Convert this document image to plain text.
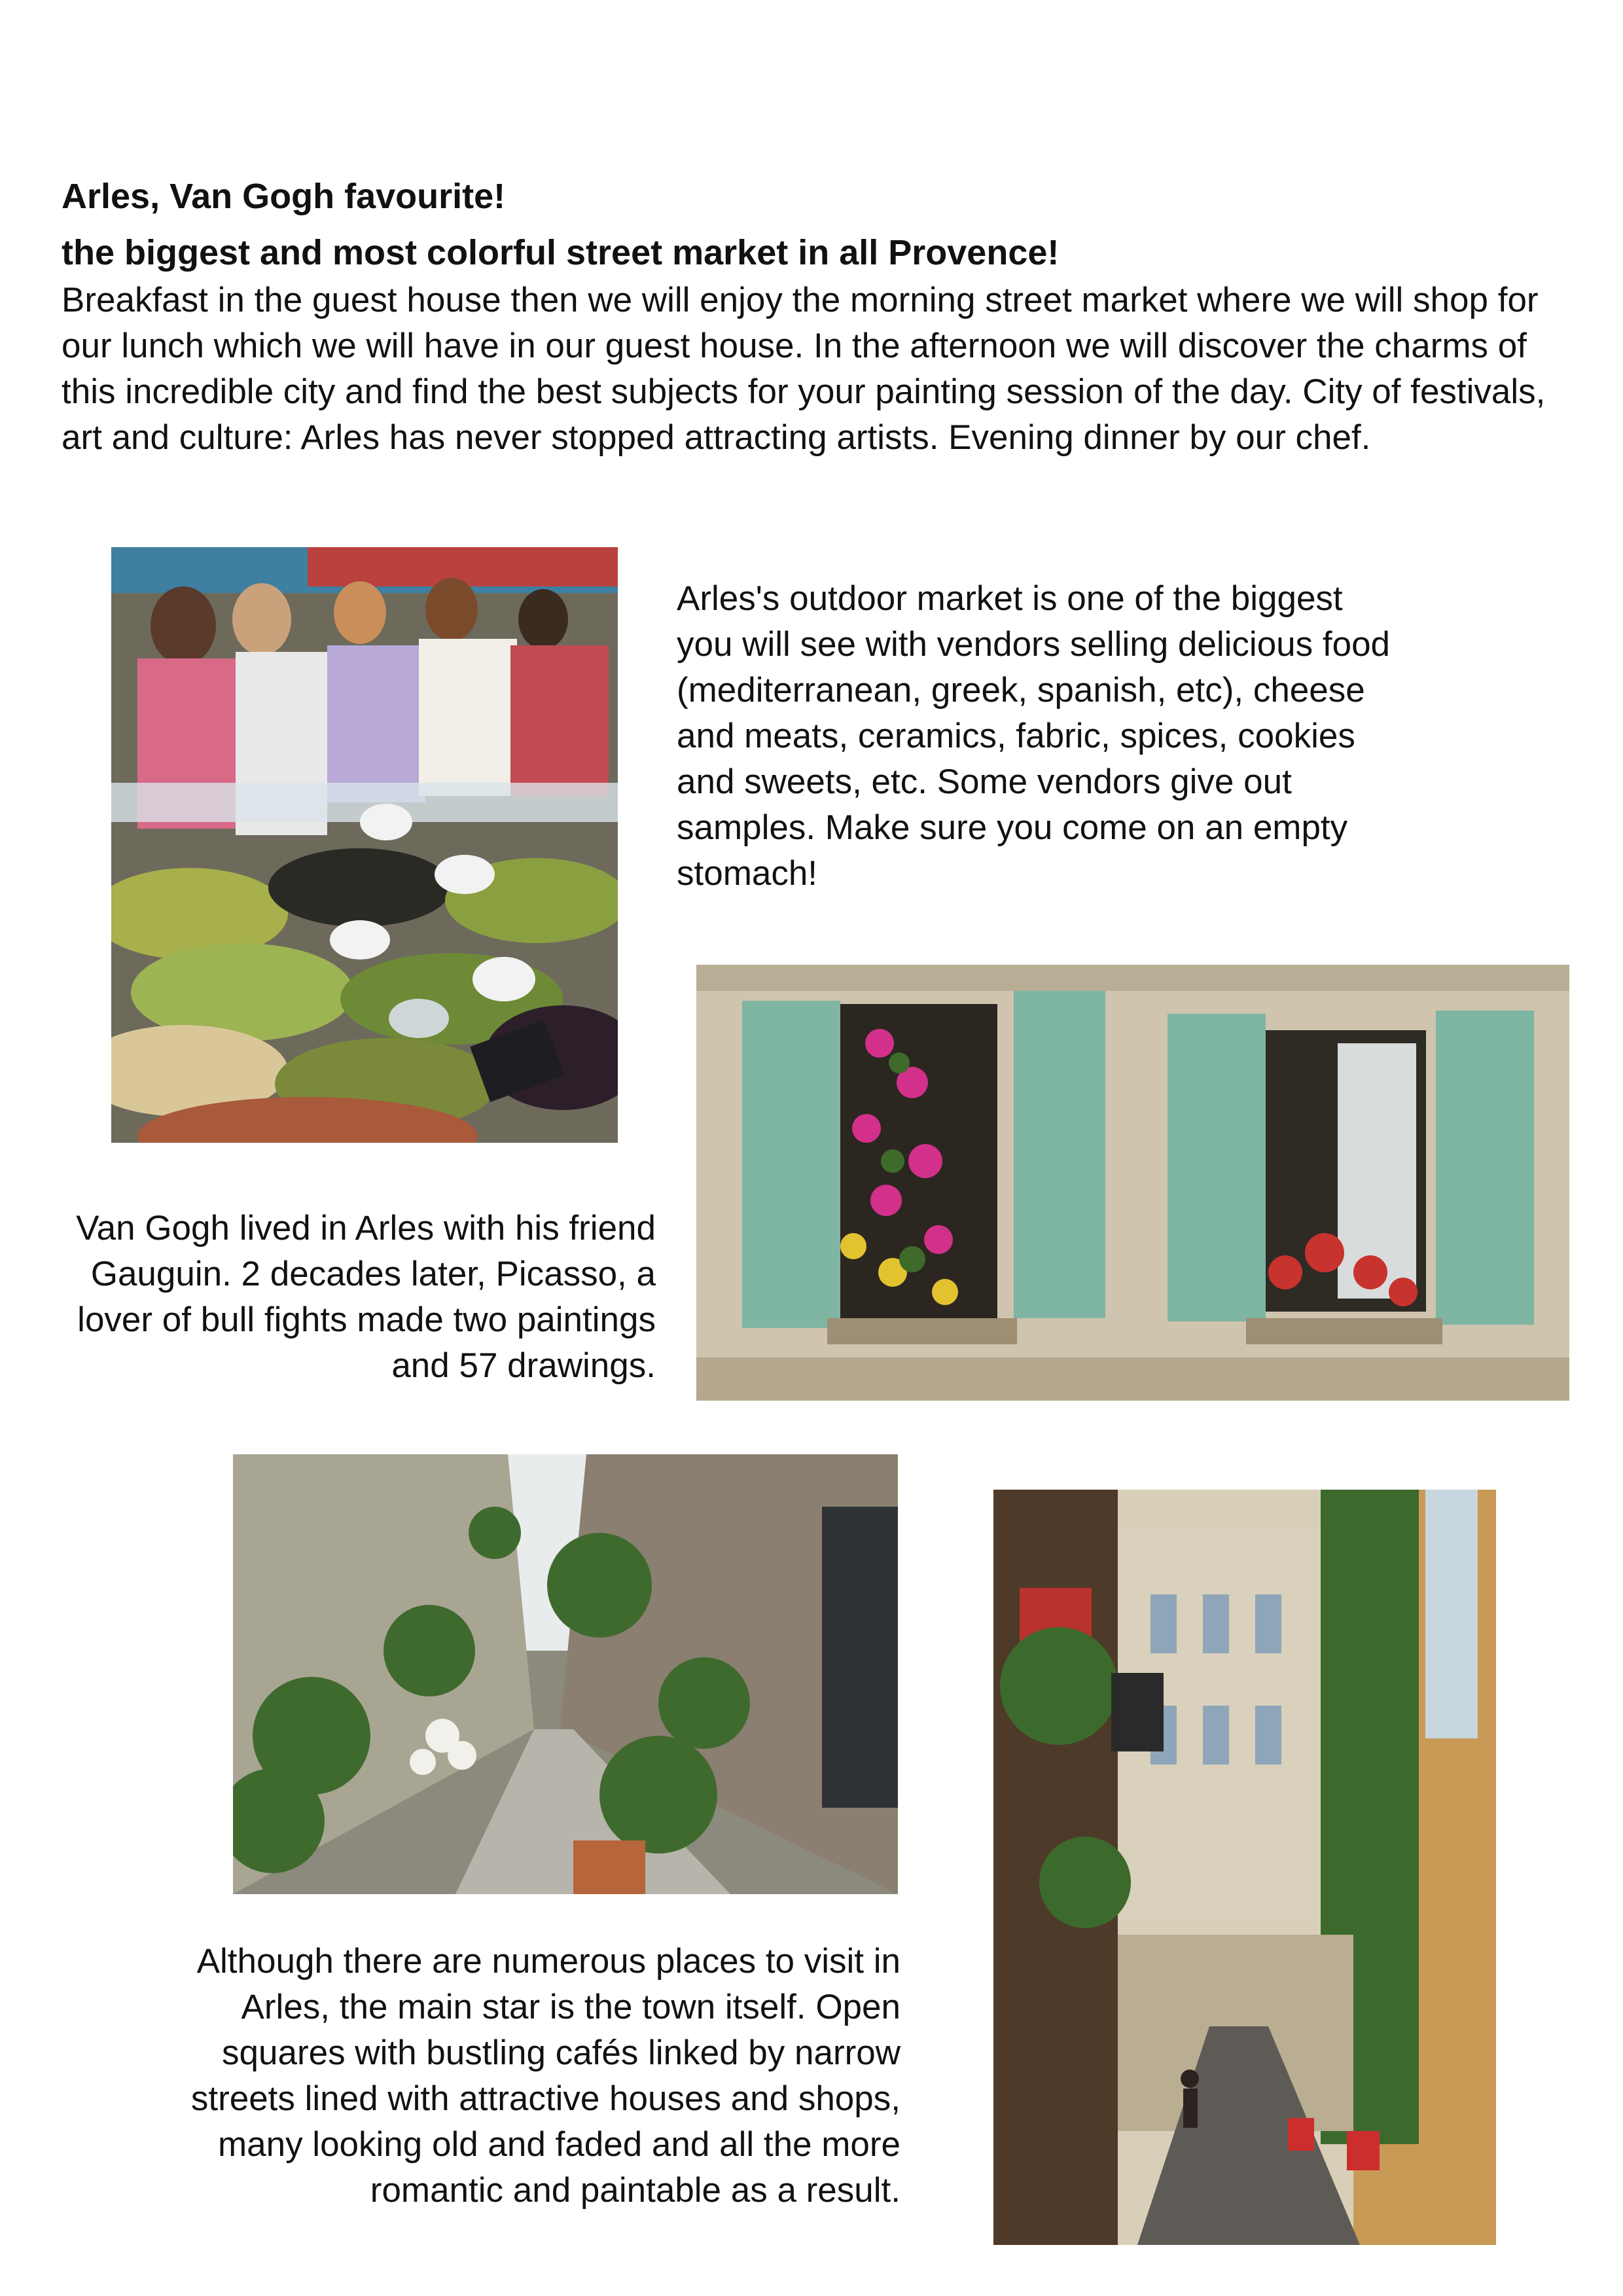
Arles, Van Gogh favourite!
the biggest and most colorful street market in all Provence!
Breakfast in the guest house then we will enjoy the morning street market where we will shop for our lunch which we will have in our guest house. In the afternoon we will discover the charms of this incredible city and find the best subjects for your painting session of the day. City of festivals, art and culture: Arles has never stopped attracting artists. Evening dinner by our chef.
Arles's outdoor market is one of the biggest you will see with vendors selling delicious food (mediterranean, greek, spanish, etc), cheese and meats, ceramics, fabric, spices, cookies and sweets, etc. Some vendors give out samples. Make sure you come on an empty stomach!
Van Gogh lived in Arles with his friend Gauguin. 2 decades later, Picasso, a lover of bull fights made two paintings and 57 drawings.
Although there are numerous places to visit in Arles, the main star is the town itself. Open squares with bustling cafés linked by narrow streets lined with attractive houses and shops, many looking old and faded and all the more romantic and paintable as a result.
